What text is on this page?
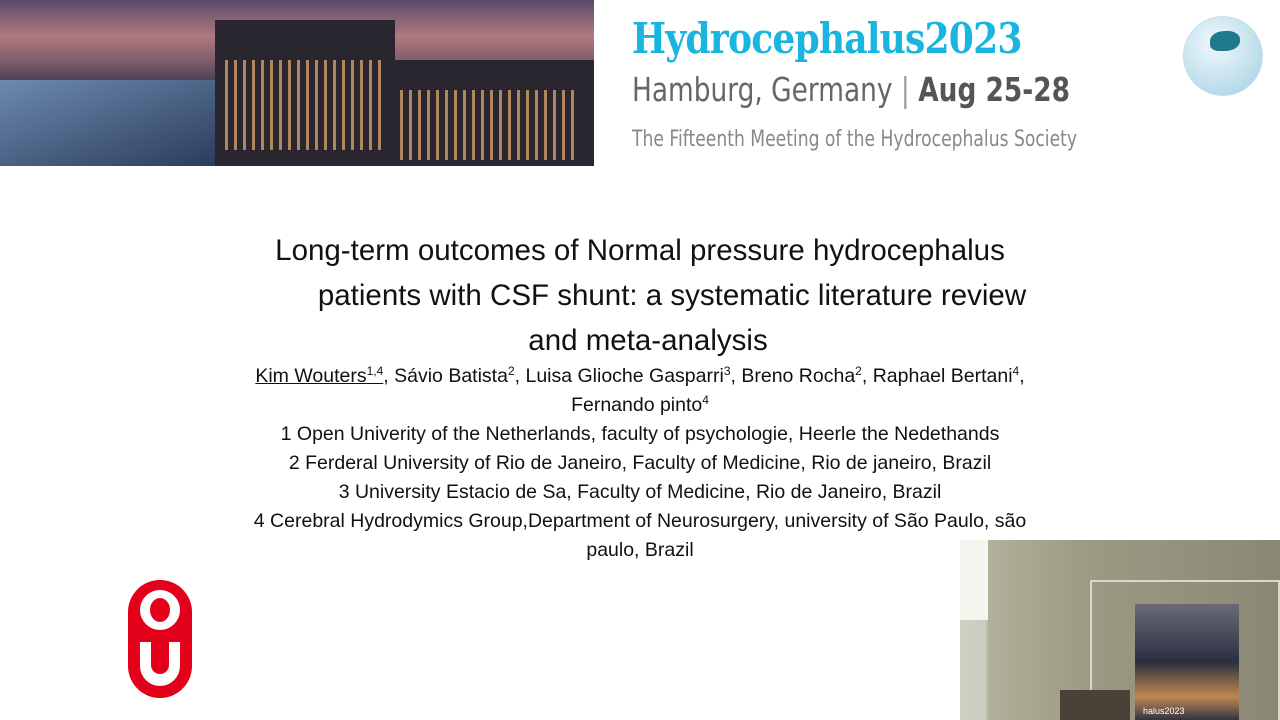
Hydrocephalus2023
Hamburg, Germany | Aug 25-28
The Fifteenth Meeting of the Hydrocephalus Society
Long-term outcomes of Normal pressure hydrocephalus
patients with CSF shunt: a systematic literature review
and meta-analysis
Kim Wouters$^{1,4}$, Sávio Batista$^2$, Luisa Glioche Gasparri$^3$, Breno Rocha$^2$, Raphael Bertani$^4$,
Fernando pinto$^4$
1 Open Univerity of the Netherlands, faculty of psychologie, Heerle the Nedethands
2 Ferderal University of Rio de Janeiro, Faculty of Medicine, Rio de janeiro, Brazil
3 University Estacio de Sa, Faculty of Medicine, Rio de Janeiro, Brazil
4 Cerebral Hydrodymics Group,Department of Neurosurgery, university of São Paulo, são
paulo, Brazil
halus2023
